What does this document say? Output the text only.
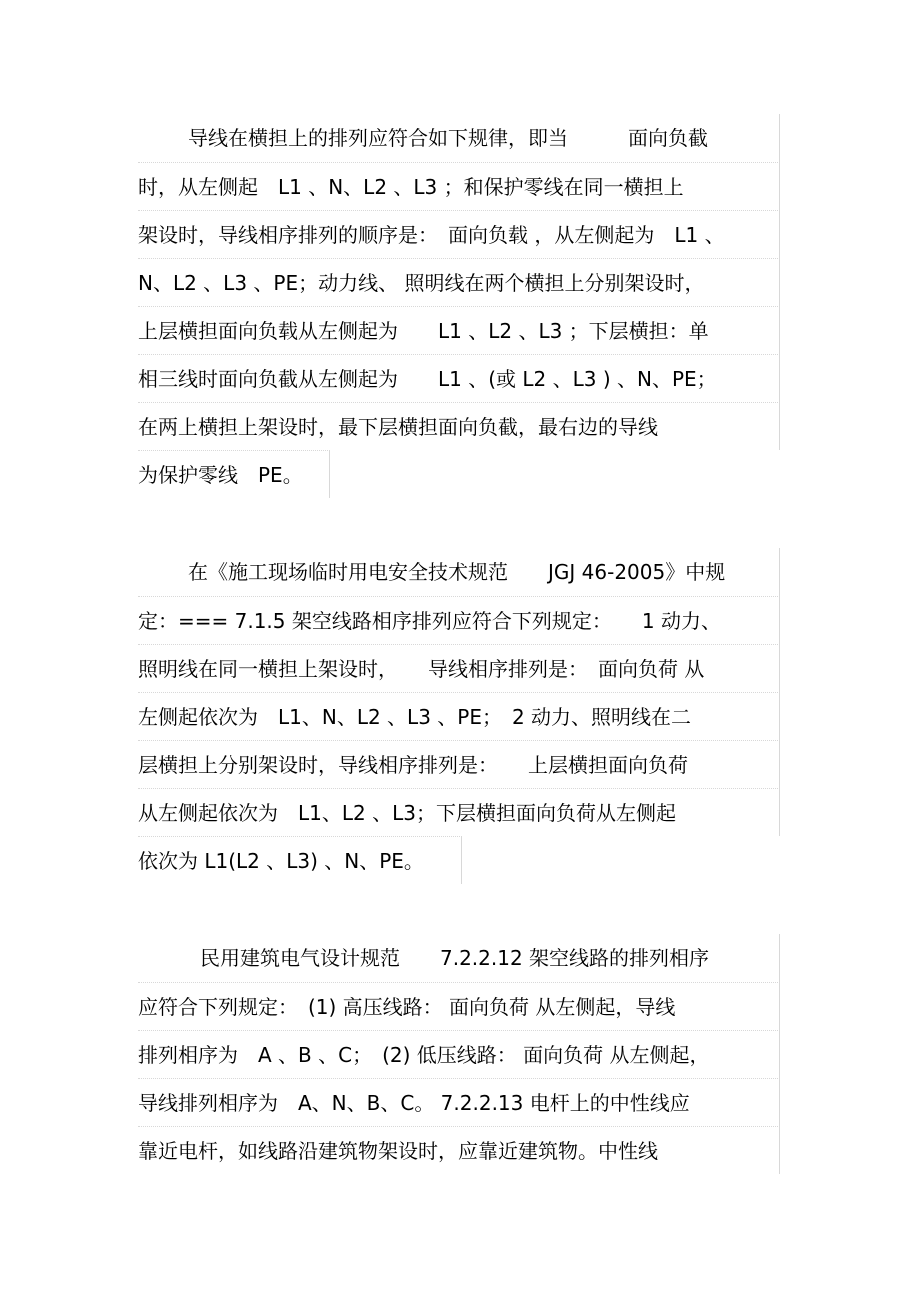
导线在横担上的排列应符合如下规律，即当　　　面向负截
时，从左侧起　L1 、N、L2 、L3 ；和保护零线在同一横担上
架设时，导线相序排列的顺序是：　面向负载 ，从左侧起为　L1 、
N、L2 、L3 、PE；动力线、 照明线在两个横担上分别架设时，
上层横担面向负载从左侧起为　　L1 、L2 、L3 ；下层横担：单
相三线时面向负截从左侧起为　　L1 、(或 L2 、L3 ) 、N、PE；
在两上横担上架设时，最下层横担面向负截，最右边的导线
为保护零线　PE。
在《施工现场临时用电安全技术规范　　JGJ 46-2005》中规
定：=== 7.1.5 架空线路相序排列应符合下列规定：　　1 动力、
照明线在同一横担上架设时，　　导线相序排列是：　面向负荷 从
左侧起依次为　L1、N、L2 、L3 、PE；　2 动力、照明线在二
层横担上分别架设时，导线相序排列是：　　上层横担面向负荷
从左侧起依次为　L1、L2 、L3；下层横担面向负荷从左侧起
依次为 L1(L2 、L3) 、N、PE。
民用建筑电气设计规范　　7.2.2.12 架空线路的排列相序
应符合下列规定：　(1) 高压线路： 面向负荷 从左侧起，导线
排列相序为　A 、B 、C；　(2) 低压线路： 面向负荷 从左侧起，
导线排列相序为　A、N、B、C。 7.2.2.13 电杆上的中性线应
靠近电杆，如线路沿建筑物架设时，应靠近建筑物。中性线
